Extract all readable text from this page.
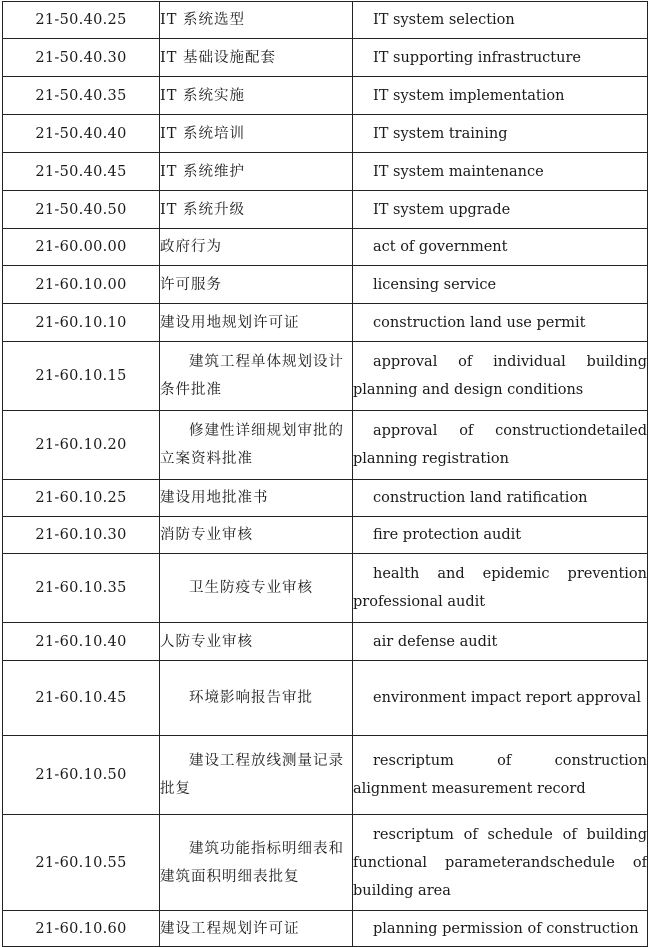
21-50.40.25	IT 系统选型	IT system selection

21-50.40.30	IT 基础设施配套	IT supporting infrastructure

21-50.40.35	IT 系统实施	IT system implementation

21-50.40.40	IT 系统培训	IT system training

21-50.40.45	IT 系统维护	IT system maintenance

21-50.40.50	IT 系统升级	IT system upgrade

21-60.00.00	政府行为	act of government

21-60.10.00	许可服务	licensing service

21-60.10.10	建设用地规划许可证	construction land use permit

21-60.10.15	建筑工程单体规划设计条件批准	approval of individual building planning and design conditions

21-60.10.20	修建性详细规划审批的立案资料批准	approval of constructiondetailed planning registration

21-60.10.25	建设用地批准书	construction land ratification

21-60.10.30	消防专业审核	fire protection audit

21-60.10.35	卫生防疫专业审核	health and epidemic prevention professional audit

21-60.10.40	人防专业审核	air defense audit

21-60.10.45	环境影响报告审批	environment impact report approval

21-60.10.50	建设工程放线测量记录批复	rescriptum of construction alignment measurement record

21-60.10.55	建筑功能指标明细表和建筑面积明细表批复	rescriptum of schedule of building functional parameterandschedule of building area

21-60.10.60	建设工程规划许可证	planning permission of construction
